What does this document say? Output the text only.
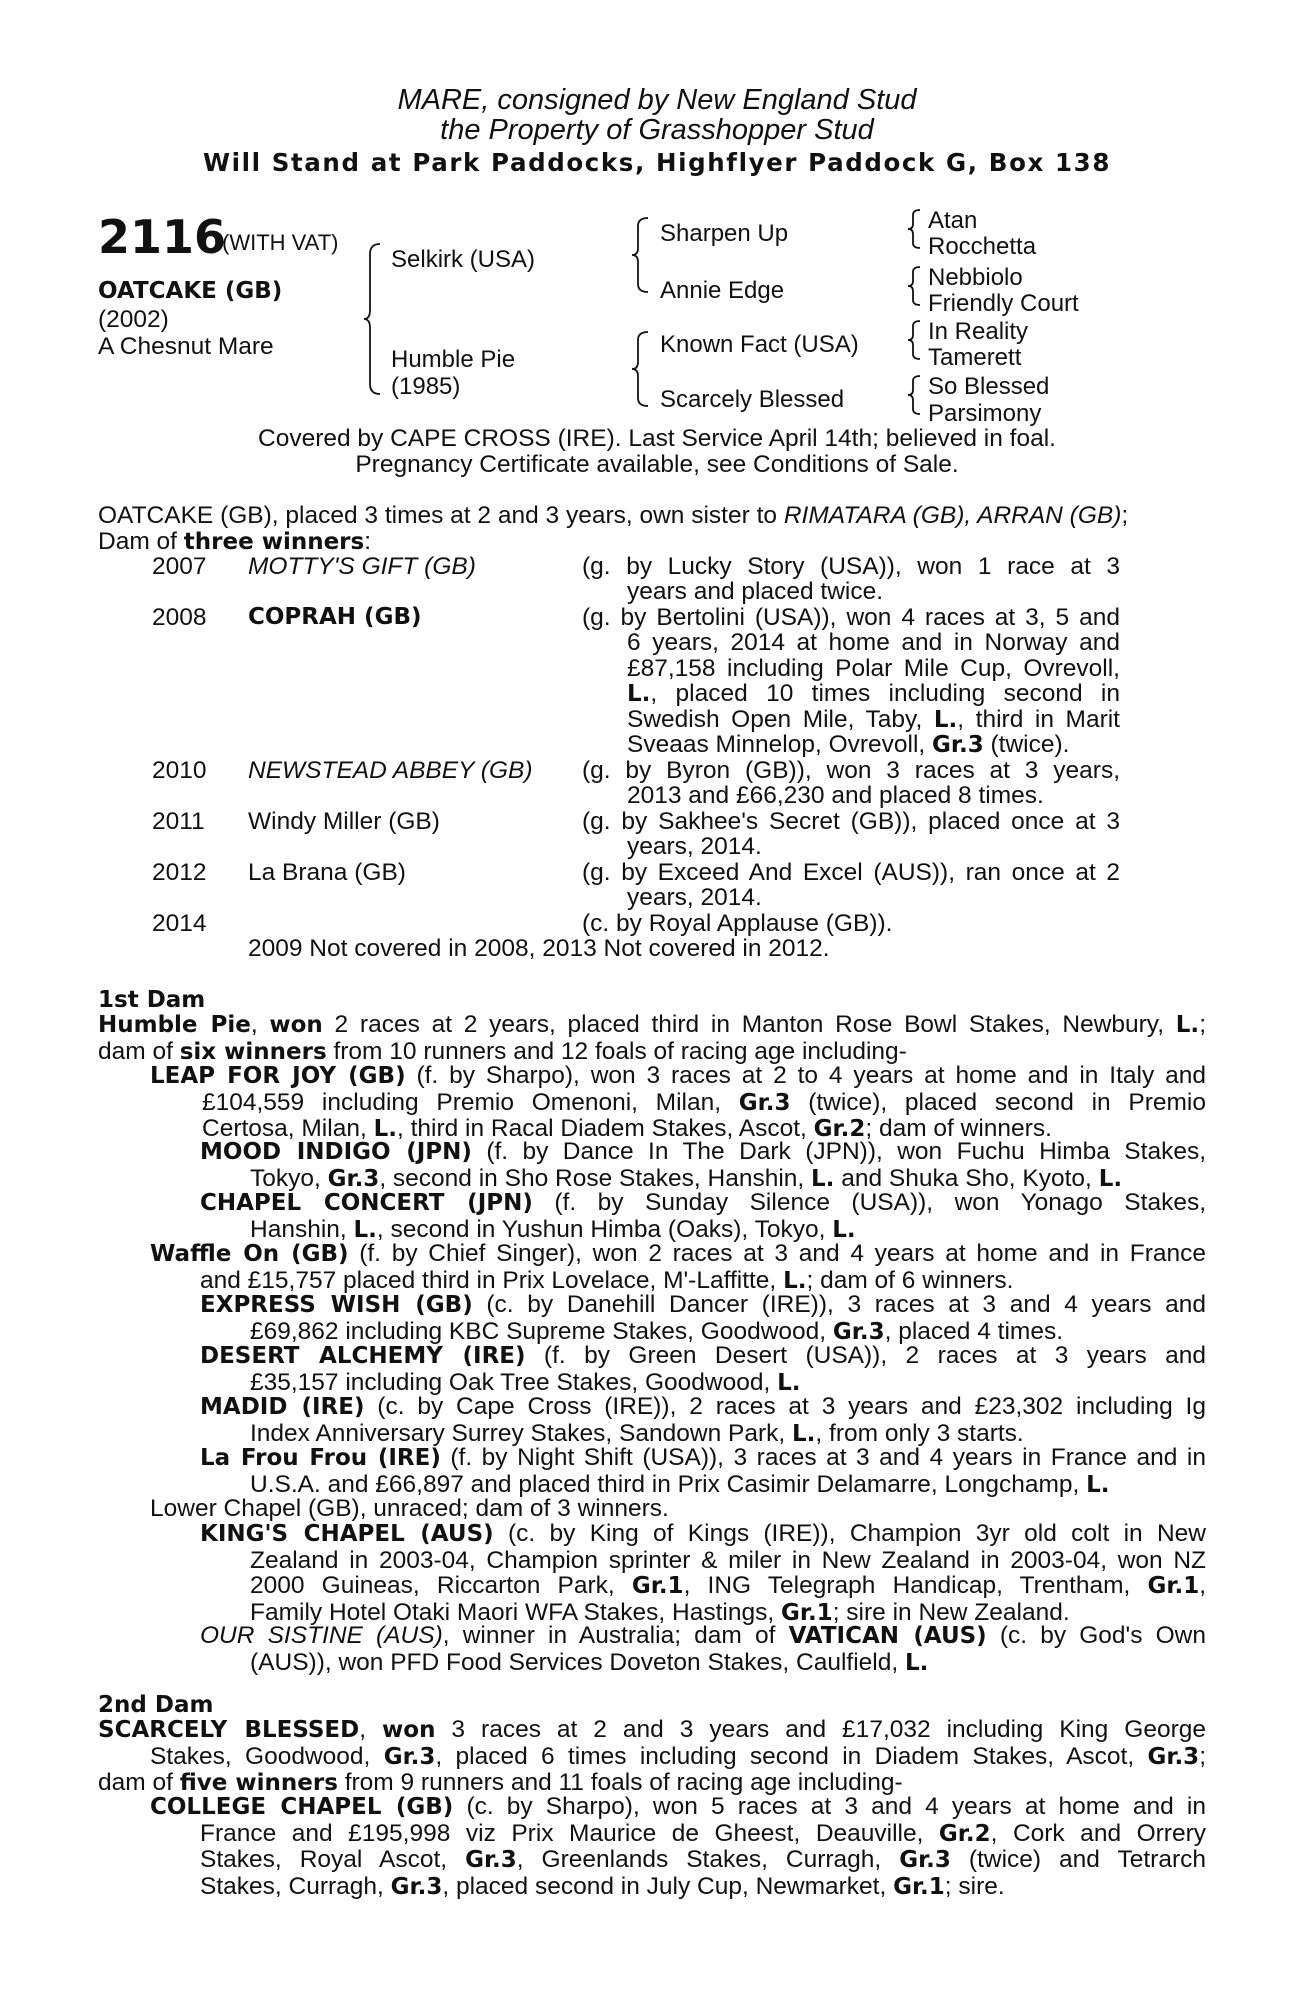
MARE, consigned by New England Stud
the Property of Grasshopper Stud
Will Stand at Park Paddocks, Highflyer Paddock G, Box 138
2116
(WITH VAT)
OATCAKE (GB)
(2002)
A Chesnut Mare
Selkirk (USA)
Humble Pie
(1985)
Sharpen Up
Annie Edge
Known Fact (USA)
Scarcely Blessed
Atan
Rocchetta
Nebbiolo
Friendly Court
In Reality
Tamerett
So Blessed
Parsimony
Covered by CAPE CROSS (IRE). Last Service April 14th; believed in foal.
Pregnancy Certificate available, see Conditions of Sale.
OATCAKE (GB), placed 3 times at 2 and 3 years, own sister to RIMATARA (GB), ARRAN (GB);
Dam of three winners:
2007 MOTTY'S GIFT (GB)	(g. by Lucky Story (USA)), won 1 race at 3
years and placed twice.
2008 COPRAH (GB)	(g. by Bertolini (USA)), won 4 races at 3, 5 and
6 years, 2014 at home and in Norway and
£87,158 including Polar Mile Cup, Ovrevoll,
L., placed 10 times including second in
Swedish Open Mile, Taby, L., third in Marit
Sveaas Minnelop, Ovrevoll, Gr.3 (twice).
2010 NEWSTEAD ABBEY (GB) (g. by Byron (GB)), won 3 races at 3 years,
2013 and £66,230 and placed 8 times.
2011 Windy Miller (GB)	(g. by Sakhee's Secret (GB)), placed once at 3
years, 2014.
2012 La Brana (GB)	(g. by Exceed And Excel (AUS)), ran once at 2
years, 2014.
2014	(c. by Royal Applause (GB)).
2009 Not covered in 2008, 2013 Not covered in 2012.
1st Dam
Humble Pie, won 2 races at 2 years, placed third in Manton Rose Bowl Stakes, Newbury, L.;
dam of six winners from 10 runners and 12 foals of racing age including-
LEAP FOR JOY (GB) (f. by Sharpo), won 3 races at 2 to 4 years at home and in Italy and
£104,559 including Premio Omenoni, Milan, Gr.3 (twice), placed second in Premio
Certosa, Milan, L., third in Racal Diadem Stakes, Ascot, Gr.2; dam of winners.
MOOD INDIGO (JPN) (f. by Dance In The Dark (JPN)), won Fuchu Himba Stakes,
Tokyo, Gr.3, second in Sho Rose Stakes, Hanshin, L. and Shuka Sho, Kyoto, L.
CHAPEL CONCERT (JPN) (f. by Sunday Silence (USA)), won Yonago Stakes,
Hanshin, L., second in Yushun Himba (Oaks), Tokyo, L.
Waffle On (GB) (f. by Chief Singer), won 2 races at 3 and 4 years at home and in France
and £15,757 placed third in Prix Lovelace, M'-Laffitte, L.; dam of 6 winners.
EXPRESS WISH (GB) (c. by Danehill Dancer (IRE)), 3 races at 3 and 4 years and
£69,862 including KBC Supreme Stakes, Goodwood, Gr.3, placed 4 times.
DESERT ALCHEMY (IRE) (f. by Green Desert (USA)), 2 races at 3 years and
£35,157 including Oak Tree Stakes, Goodwood, L.
MADID (IRE) (c. by Cape Cross (IRE)), 2 races at 3 years and £23,302 including Ig
Index Anniversary Surrey Stakes, Sandown Park, L., from only 3 starts.
La Frou Frou (IRE) (f. by Night Shift (USA)), 3 races at 3 and 4 years in France and in
U.S.A. and £66,897 and placed third in Prix Casimir Delamarre, Longchamp, L.
Lower Chapel (GB), unraced; dam of 3 winners.
KING'S CHAPEL (AUS) (c. by King of Kings (IRE)), Champion 3yr old colt in New
Zealand in 2003-04, Champion sprinter & miler in New Zealand in 2003-04, won NZ
2000 Guineas, Riccarton Park, Gr.1, ING Telegraph Handicap, Trentham, Gr.1,
Family Hotel Otaki Maori WFA Stakes, Hastings, Gr.1; sire in New Zealand.
OUR SISTINE (AUS), winner in Australia; dam of VATICAN (AUS) (c. by God's Own
(AUS)), won PFD Food Services Doveton Stakes, Caulfield, L.
2nd Dam
SCARCELY BLESSED, won 3 races at 2 and 3 years and £17,032 including King George
Stakes, Goodwood, Gr.3, placed 6 times including second in Diadem Stakes, Ascot, Gr.3;
dam of five winners from 9 runners and 11 foals of racing age including-
COLLEGE CHAPEL (GB) (c. by Sharpo), won 5 races at 3 and 4 years at home and in
France and £195,998 viz Prix Maurice de Gheest, Deauville, Gr.2, Cork and Orrery
Stakes, Royal Ascot, Gr.3, Greenlands Stakes, Curragh, Gr.3 (twice) and Tetrarch
Stakes, Curragh, Gr.3, placed second in July Cup, Newmarket, Gr.1; sire.
